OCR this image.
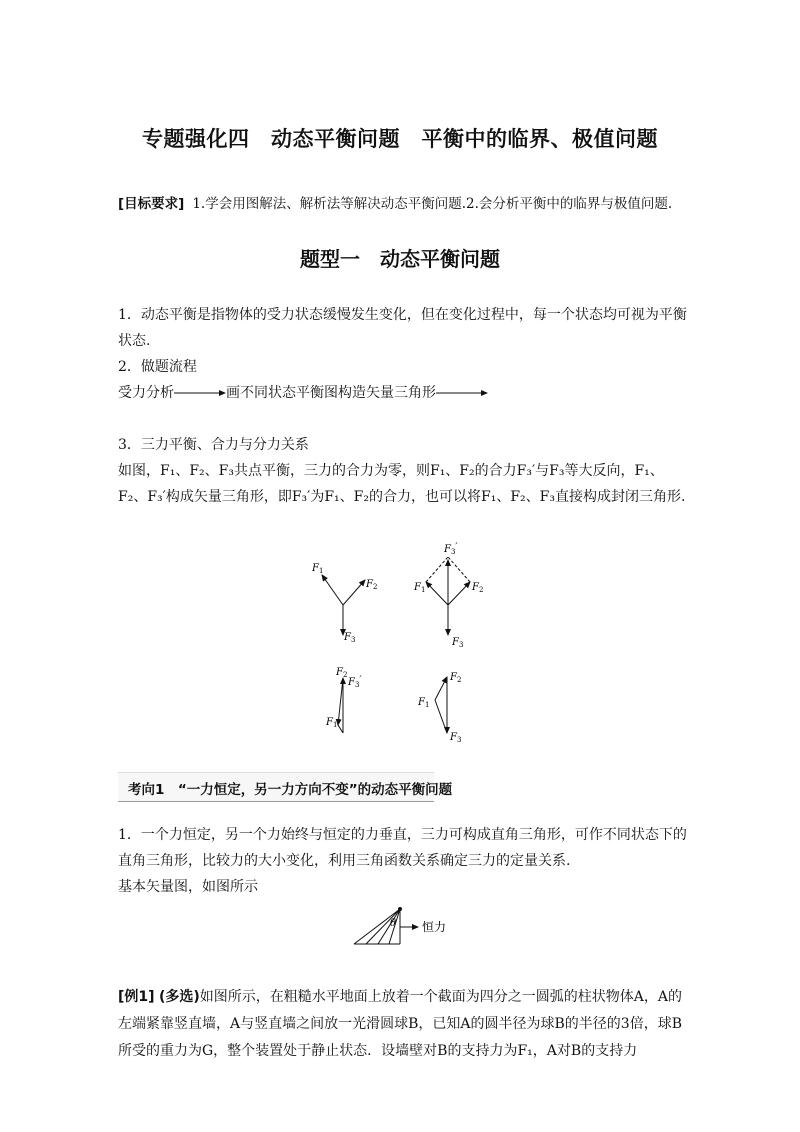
专题强化四　动态平衡问题　平衡中的临界、极值问题
[目标要求] 1.学会用图解法、解析法等解决动态平衡问题.2.会分析平衡中的临界与极值问题.
题型一　动态平衡问题
1．动态平衡是指物体的受力状态缓慢发生变化，但在变化过程中，每一个状态均可视为平衡状态.
2．做题流程
受力分析	画不同状态平衡图构造矢量三角形
3．三力平衡、合力与分力关系
如图，F₁、F₂、F₃共点平衡，三力的合力为零，则F₁、F₂的合力F₃′与F₃等大反向，F₁、F₂、F₃′构成矢量三角形，即F₃′为F₁、F₂的合力，也可以将F₁、F₂、F₃直接构成封闭三角形.
$F_1$
$F_2$
$F_3$
$F_3'$
$F_1$	$F_2$
$F_3$
$F_2$
$F_3'$
$F_1$
$F_2$
$F_1$
$F_3$
考向1　“一力恒定，另一力方向不变”的动态平衡问题
1．一个力恒定，另一个力始终与恒定的力垂直，三力可构成直角三角形，可作不同状态下的直角三角形，比较力的大小变化，利用三角函数关系确定三力的定量关系.
基本矢量图，如图所示
θ 恒力
[例1] (多选)如图所示，在粗糙水平地面上放着一个截面为四分之一圆弧的柱状物体A，A的左端紧靠竖直墙，A与竖直墙之间放一光滑圆球B，已知A的圆半径为球B的半径的3倍，球B所受的重力为G，整个装置处于静止状态．设墙壁对B的支持力为F₁，A对B的支持力
